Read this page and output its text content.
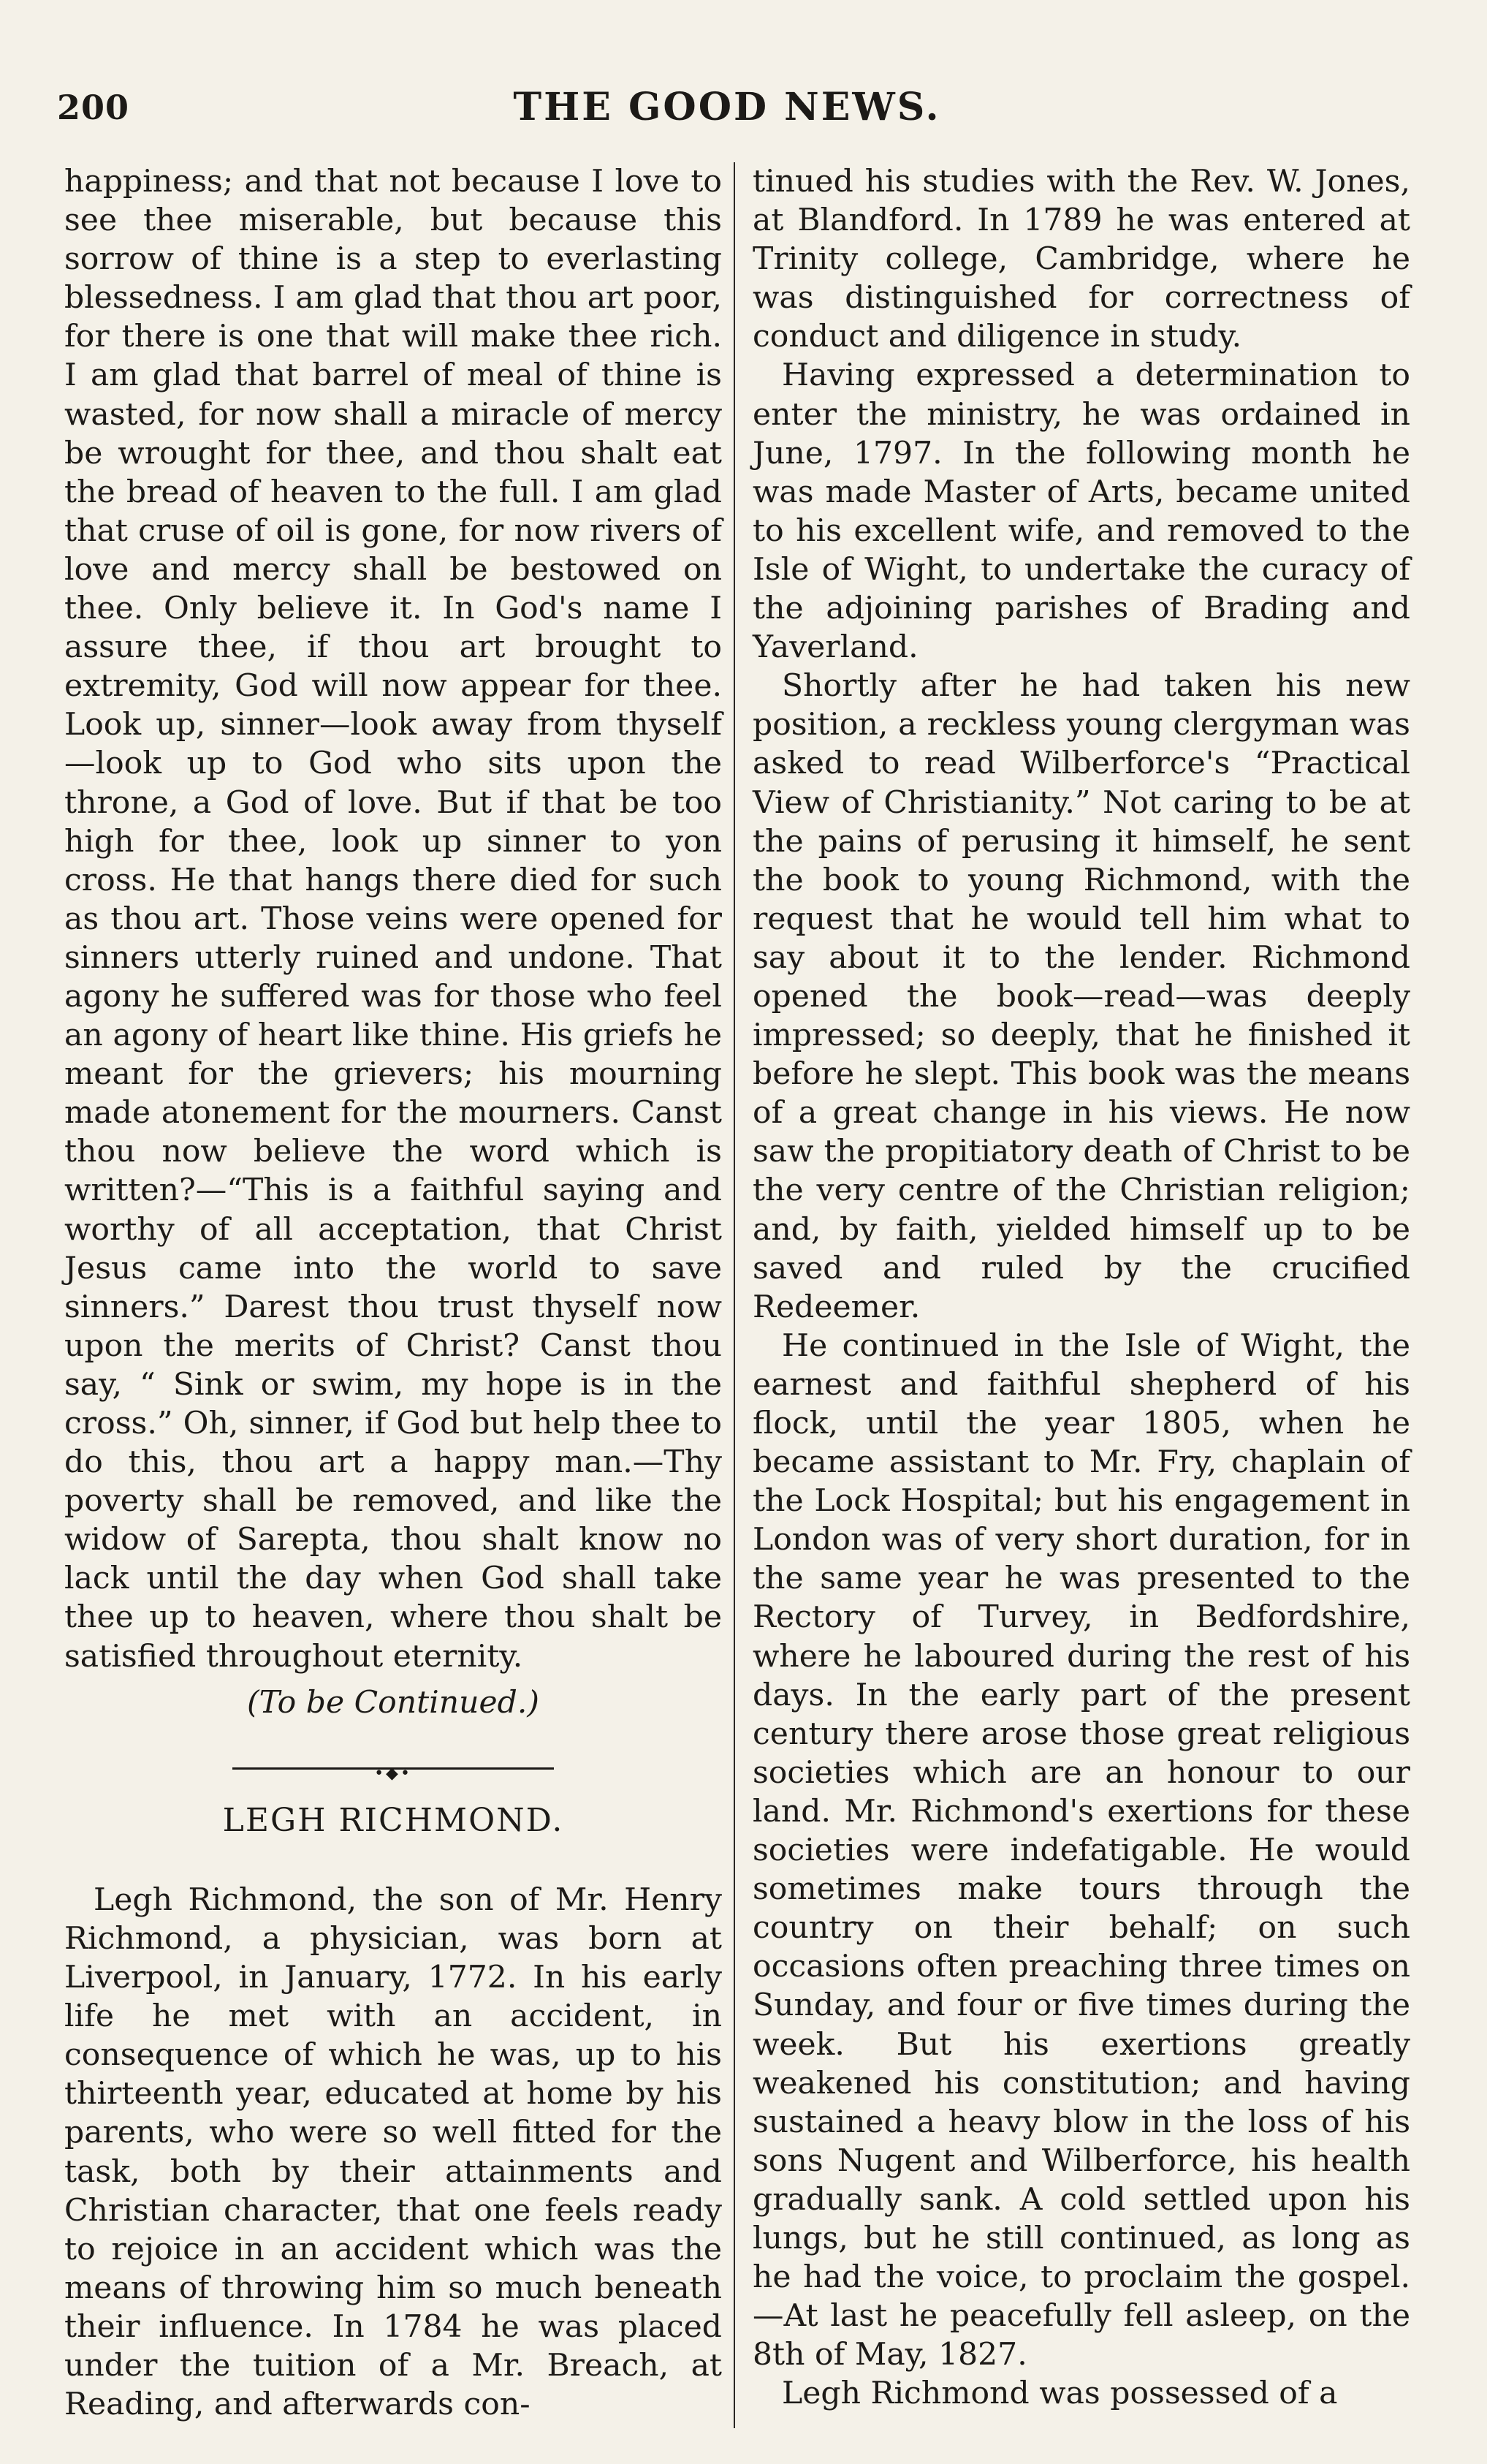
200	THE GOOD NEWS.

happiness; and that not because I love to see thee miserable, but because this sorrow of thine is a step to everlasting blessedness. I am glad that thou art poor, for there is one that will make thee rich. I am glad that barrel of meal of thine is wasted, for now shall a miracle of mercy be wrought for thee, and thou shalt eat the bread of heaven to the full. I am glad that cruse of oil is gone, for now rivers of love and mercy shall be bestowed on thee. Only believe it. In God's name I assure thee, if thou art brought to extremity, God will now appear for thee. Look up, sinner—look away from thyself—look up to God who sits upon the throne, a God of love. But if that be too high for thee, look up sinner to yon cross. He that hangs there died for such as thou art. Those veins were opened for sinners utterly ruined and undone. That agony he suffered was for those who feel an agony of heart like thine. His griefs he meant for the grievers; his mourning made atonement for the mourners. Canst thou now believe the word which is written?—“This is a faithful saying and worthy of all acceptation, that Christ Jesus came into the world to save sinners.” Darest thou trust thyself now upon the merits of Christ? Canst thou say, “ Sink or swim, my hope is in the cross.” Oh, sinner, if God but help thee to do this, thou art a happy man.—Thy poverty shall be removed, and like the widow of Sarepta, thou shalt know no lack until the day when God shall take thee up to heaven, where thou shalt be satisfied throughout eternity.

(To be Continued.)
•◆•
LEGH RICHMOND.

Legh Richmond, the son of Mr. Henry Richmond, a physician, was born at Liverpool, in January, 1772. In his early life he met with an accident, in consequence of which he was, up to his thirteenth year, educated at home by his parents, who were so well fitted for the task, both by their attainments and Christian character, that one feels ready to rejoice in an accident which was the means of throwing him so much beneath their influence. In 1784 he was placed under the tuition of a Mr. Breach, at Reading, and afterwards con-

tinued his studies with the Rev. W. Jones, at Blandford. In 1789 he was entered at Trinity college, Cambridge, where he was distinguished for correctness of conduct and diligence in study.

Having expressed a determination to enter the ministry, he was ordained in June, 1797. In the following month he was made Master of Arts, became united to his excellent wife, and removed to the Isle of Wight, to undertake the curacy of the adjoining parishes of Brading and Yaverland.

Shortly after he had taken his new position, a reckless young clergyman was asked to read Wilberforce's “Practical View of Christianity.” Not caring to be at the pains of perusing it himself, he sent the book to young Richmond, with the request that he would tell him what to say about it to the lender. Richmond opened the book—read—was deeply impressed; so deeply, that he finished it before he slept. This book was the means of a great change in his views. He now saw the propitiatory death of Christ to be the very centre of the Christian religion; and, by faith, yielded himself up to be saved and ruled by the crucified Redeemer.

He continued in the Isle of Wight, the earnest and faithful shepherd of his flock, until the year 1805, when he became assistant to Mr. Fry, chaplain of the Lock Hospital; but his engagement in London was of very short duration, for in the same year he was presented to the Rectory of Turvey, in Bedfordshire, where he laboured during the rest of his days. In the early part of the present century there arose those great religious societies which are an honour to our land. Mr. Richmond's exertions for these societies were indefatigable. He would sometimes make tours through the country on their behalf; on such occasions often preaching three times on Sunday, and four or five times during the week. But his exertions greatly weakened his constitution; and having sustained a heavy blow in the loss of his sons Nugent and Wilberforce, his health gradually sank. A cold settled upon his lungs, but he still continued, as long as he had the voice, to proclaim the gospel.—At last he peacefully fell asleep, on the 8th of May, 1827.

Legh Richmond was possessed of a
